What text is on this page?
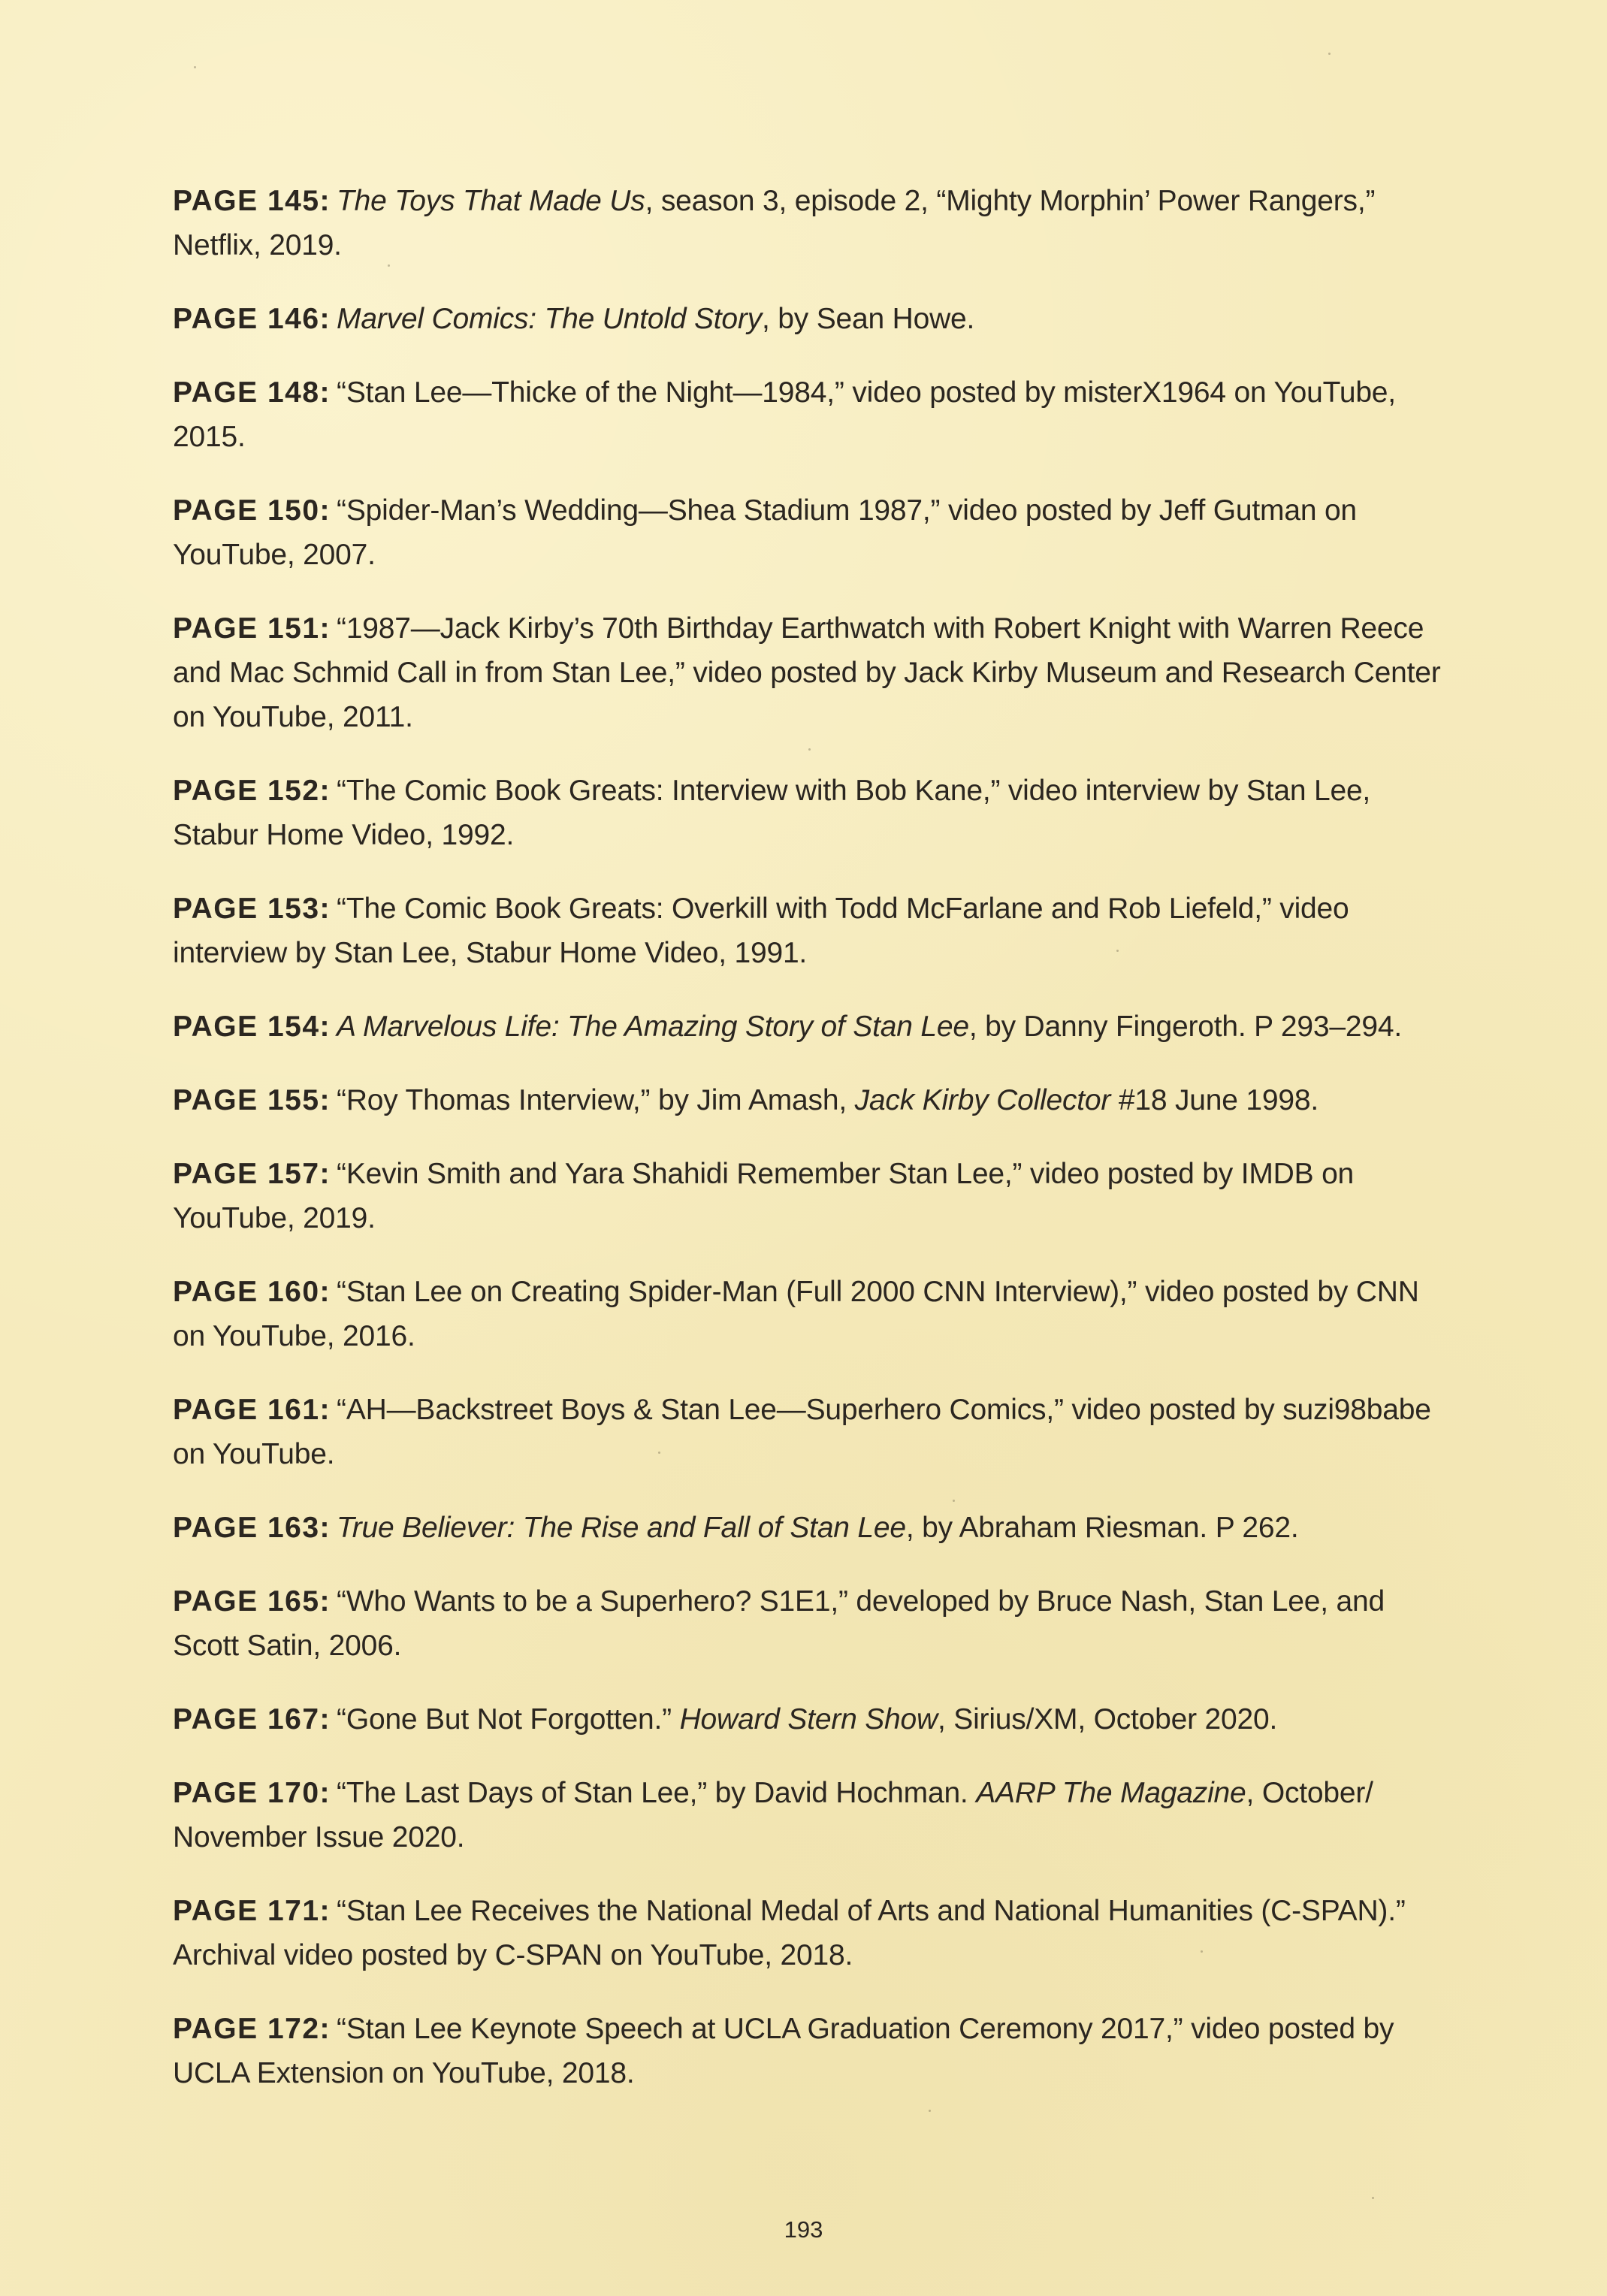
PAGE 145: The Toys That Made Us, season 3, episode 2, “Mighty Morphin’ Power Rangers,” Netflix, 2019.

PAGE 146: Marvel Comics: The Untold Story, by Sean Howe.

PAGE 148: “Stan Lee—Thicke of the Night—1984,” video posted by misterX1964 on YouTube, 2015.

PAGE 150: “Spider-Man’s Wedding—Shea Stadium 1987,” video posted by Jeff Gutman on YouTube, 2007.

PAGE 151: “1987—Jack Kirby’s 70th Birthday Earthwatch with Robert Knight with Warren Reece and Mac Schmid Call in from Stan Lee,” video posted by Jack Kirby Museum and Research Center on YouTube, 2011.

PAGE 152: “The Comic Book Greats: Interview with Bob Kane,” video interview by Stan Lee, Stabur Home Video, 1992.

PAGE 153: “The Comic Book Greats: Overkill with Todd McFarlane and Rob Liefeld,” video interview by Stan Lee, Stabur Home Video, 1991.

PAGE 154: A Marvelous Life: The Amazing Story of Stan Lee, by Danny Fingeroth. P 293–294.

PAGE 155: “Roy Thomas Interview,” by Jim Amash, Jack Kirby Collector #18 June 1998.

PAGE 157: “Kevin Smith and Yara Shahidi Remember Stan Lee,” video posted by IMDB on YouTube, 2019.

PAGE 160: “Stan Lee on Creating Spider-Man (Full 2000 CNN Interview),” video posted by CNN on YouTube, 2016.

PAGE 161: “AH—Backstreet Boys & Stan Lee—Superhero Comics,” video posted by suzi98babe on YouTube.

PAGE 163: True Believer: The Rise and Fall of Stan Lee, by Abraham Riesman. P 262.

PAGE 165: “Who Wants to be a Superhero? S1E1,” developed by Bruce Nash, Stan Lee, and Scott Satin, 2006.

PAGE 167: “Gone But Not Forgotten.” Howard Stern Show, Sirius/XM, October 2020.

PAGE 170: “The Last Days of Stan Lee,” by David Hochman. AARP The Magazine, October/ November Issue 2020.

PAGE 171: “Stan Lee Receives the National Medal of Arts and National Humanities (C-SPAN).” Archival video posted by C-SPAN on YouTube, 2018.

PAGE 172: “Stan Lee Keynote Speech at UCLA Graduation Ceremony 2017,” video posted by UCLA Extension on YouTube, 2018.

193
